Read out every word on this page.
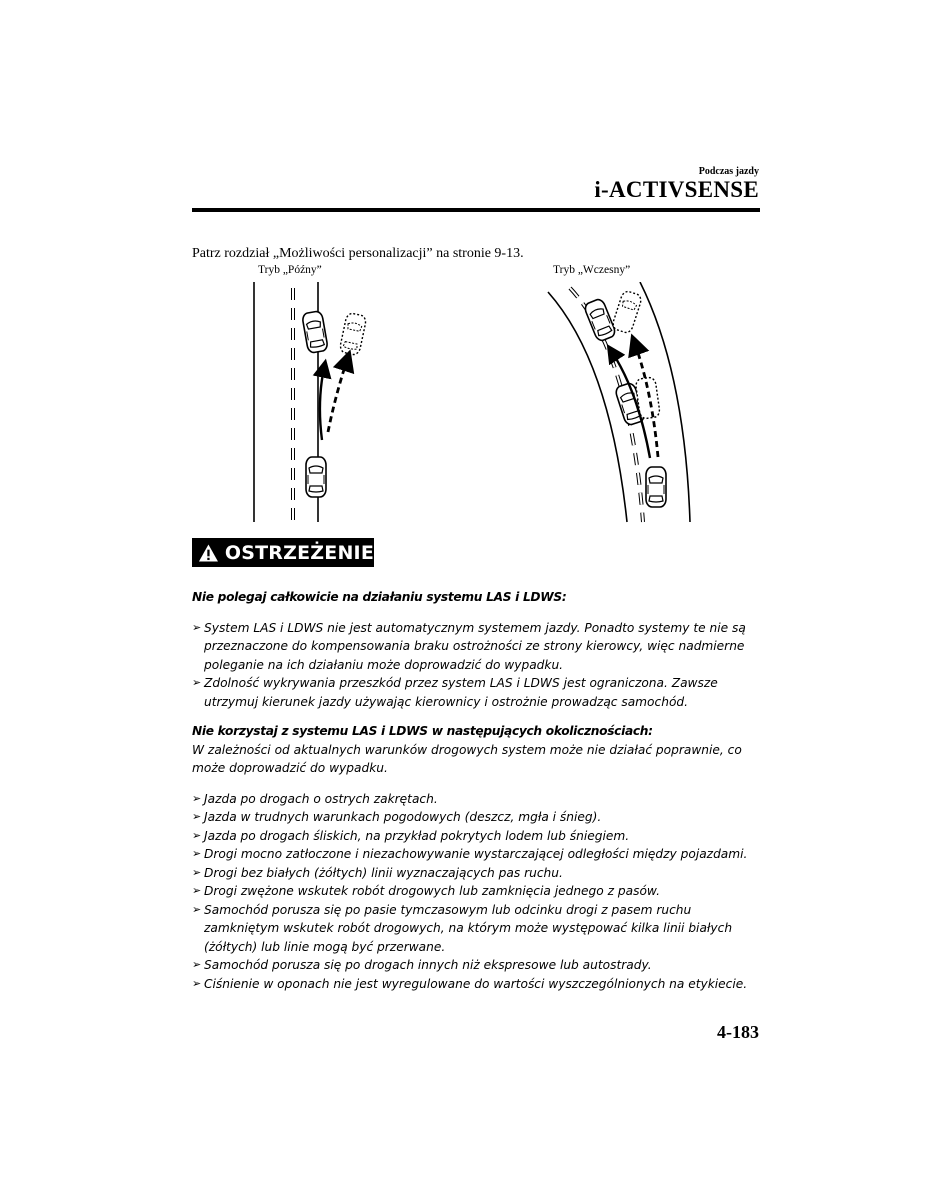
Podczas jazdy
i-ACTIVSENSE
Patrz rozdział „Możliwości personalizacji” na stronie 9-13.
Tryb „Późny”	Tryb „Wczesny”
OSTRZEŻENIE

Nie polegaj całkowicie na działaniu systemu LAS i LDWS:

➢ System LAS i LDWS nie jest automatycznym systemem jazdy. Ponadto systemy te nie są przeznaczone do kompensowania braku ostrożności ze strony kierowcy, więc nadmierne poleganie na ich działaniu może doprowadzić do wypadku.
➢ Zdolność wykrywania przeszkód przez system LAS i LDWS jest ograniczona. Zawsze utrzymuj kierunek jazdy używając kierownicy i ostrożnie prowadząc samochód.

Nie korzystaj z systemu LAS i LDWS w następujących okolicznościach:

W zależności od aktualnych warunków drogowych system może nie działać poprawnie, co może doprowadzić do wypadku.

➢ Jazda po drogach o ostrych zakrętach.
➢ Jazda w trudnych warunkach pogodowych (deszcz, mgła i śnieg).
➢ Jazda po drogach śliskich, na przykład pokrytych lodem lub śniegiem.
➢ Drogi mocno zatłoczone i niezachowywanie wystarczającej odległości między pojazdami.
➢ Drogi bez białych (żółtych) linii wyznaczających pas ruchu.
➢ Drogi zwężone wskutek robót drogowych lub zamknięcia jednego z pasów.
➢ Samochód porusza się po pasie tymczasowym lub odcinku drogi z pasem ruchu zamkniętym wskutek robót drogowych, na którym może występować kilka linii białych (żółtych) lub linie mogą być przerwane.
➢ Samochód porusza się po drogach innych niż ekspresowe lub autostrady.
➢ Ciśnienie w oponach nie jest wyregulowane do wartości wyszczególnionych na etykiecie.
4-183
